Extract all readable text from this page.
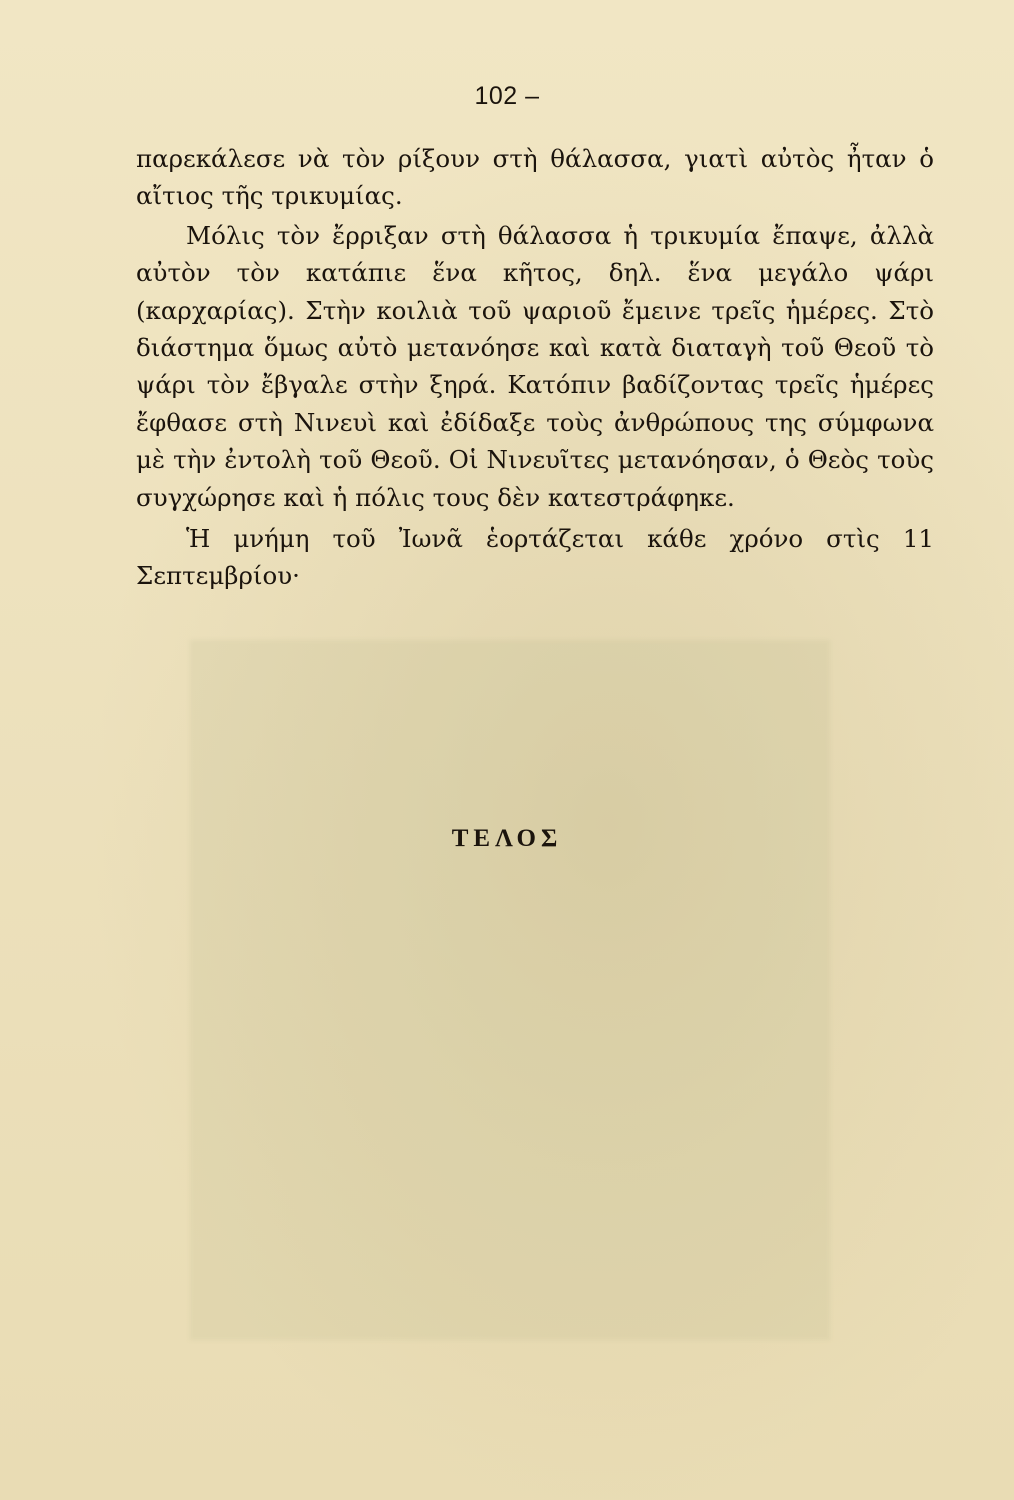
102 –

παρεκάλεσε νὰ τὸν ρίξουν στὴ θάλασσα, γιατὶ αὐτὸς ἦταν ὁ αἴτιος τῆς τρικυμίας.

Μόλις τὸν ἔρριξαν στὴ θάλασσα ἡ τρικυμία ἔπαψε, ἀλλὰ αὐτὸν τὸν κατάπιε ἕνα κῆτος, δηλ. ἕνα μεγάλο ψάρι (καρχαρίας). Στὴν κοιλιὰ τοῦ ψαριοῦ ἔμεινε τρεῖς ἡμέρες. Στὸ διάστημα ὅμως αὐτὸ μετανόησε καὶ κατὰ διαταγὴ τοῦ Θεοῦ τὸ ψάρι τὸν ἔβγαλε στὴν ξηρά. Κατόπιν βαδίζοντας τρεῖς ἡμέρες ἔφθασε στὴ Νινευὶ καὶ ἐδίδαξε τοὺς ἀνθρώπους της σύμφωνα μὲ τὴν ἐντολὴ τοῦ Θεοῦ. Οἱ Νινευῖτες μετανόησαν, ὁ Θεὸς τοὺς συγχώρησε καὶ ἡ πόλις τους δὲν κατεστράφηκε.

Ἡ μνήμη τοῦ Ἰωνᾶ ἑορτάζεται κάθε χρόνο στὶς 11 Σεπτεμβρίου·

ΤΕΛΟΣ
